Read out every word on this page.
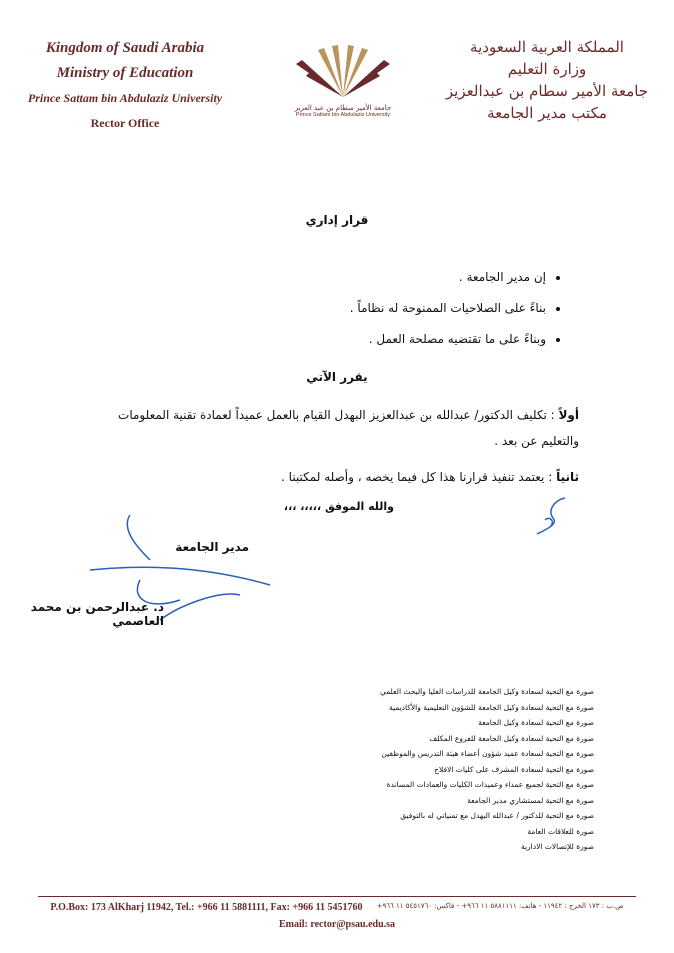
Kingdom of Saudi Arabia
Ministry of Education
Prince Sattam bin Abdulaziz University
Rector Office
جامعة الأمير سطام بن عبد العزيز
Prince Sattam bin Abdulaziz University
المملكة العربية السعودية
وزارة التعليم
جامعة الأمير سطام بن عبدالعزيز
مكتب مدير الجامعة
قرار إداري
• إن مدير الجامعة .
• بناءً على الصلاحيات الممنوحة له نظاماً .
• وبناءً على ما تقتضيه مصلحة العمل .
يقرر الآتي
أولاً : تكليف الدكتور/ عبدالله بن عبدالعزيز البهدل القيام بالعمل عميداً لعمادة تقنية المعلومات والتعليم عن بعد .
ثانياً : يعتمد تنفيذ قرارنا هذا كل فيما يخصه ، وأصله لمكتبنا .
والله الموفق ،،،،، ،،،
مدير الجامعة
د. عبدالرحمن بن محمد العاصمي
صورة مع التحية لسعادة وكيل الجامعة للدراسات العليا والبحث العلمي
صورة مع التحية لسعادة وكيل الجامعة للشؤون التعليمية والأكاديمية
صورة مع التحية لسعادة وكيل الجامعة
صورة مع التحية لسعادة وكيل الجامعة للفروع المكلف
صورة مع التحية لسعادة عميد شؤون أعضاء هيئة التدريس والموظفين
صورة مع التحية لسعادة المشرف على كليات الافلاج
صورة مع التحية لجميع عمداء وعميدات الكليات والعمادات المساندة
صورة مع التحية لمستشاري مدير الجامعة
صورة مع التحية للدكتور / عبدالله البهدل مع تمنياتي له بالتوفيق
صورة للعلاقات العامة
صورة للإتصالات الادارية
P.O.Box: 173 AlKharj 11942, Tel.: +966 11 5881111, Fax: +966 11 5451760 ص.ب : ١٧٣ الخرج : ١١٩٤٢ - هاتف: ٥٨٨١١١١ ١١ ٩٦٦+ - فاكس: ٥٤٥١٧٦٠ ١١ ٩٦٦+
Email: rector@psau.edu.sa
